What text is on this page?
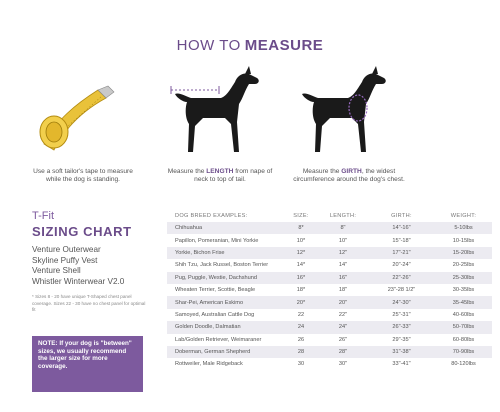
HOW TO MEASURE
Use a soft tailor's tape to measure while the dog is standing.
Measure the LENGTH from nape of neck to top of tail.
Measure the GIRTH, the widest circumference around the dog's chest.
T-Fit
SIZING CHART
Venture Outerwear
Skyline Puffy Vest
Venture Shell
Whistler Winterwear V2.0
* Sizes 8 - 20 have unique T-Shaped chest panel coverage. Sizes 22 - 30 have no chest panel for optimal fit
NOTE: If your dog is "between" sizes, we usually recommend the larger size for more coverage.
DOG BREED EXAMPLES:	SIZE:	LENGTH:	GIRTH:	WEIGHT:
Chihuahua	8*	8"	14"-16"	5-10lbs
Papillon, Pomeranian, Mini Yorkie	10*	10"	15"-18"	10-15lbs
Yorkie, Bichon Frise	12*	12"	17"-21"	15-20lbs
Shih Tzu, Jack Russel, Boston Terrier	14*	14"	20"-24"	20-25lbs
Pug, Puggle, Westie, Dachshund	16*	16"	22"-26"	25-30lbs
Wheaten Terrier, Scottie, Beagle	18*	18"	23"-28 1/2"	30-35lbs
Shar-Pei, American Eskimo	20*	20"	24"-30"	35-45lbs
Samoyed, Australian Cattle Dog	22	22"	25"-31"	40-60lbs
Golden Doodle, Dalmatian	24	24"	26"-33"	50-70lbs
Lab/Golden Retriever, Weimaraner	26	26"	29"-35"	60-80lbs
Doberman, German Shepherd	28	28"	31"-38"	70-90lbs
Rottweiler, Male Ridgeback	30	30"	33"-41"	80-120lbs
